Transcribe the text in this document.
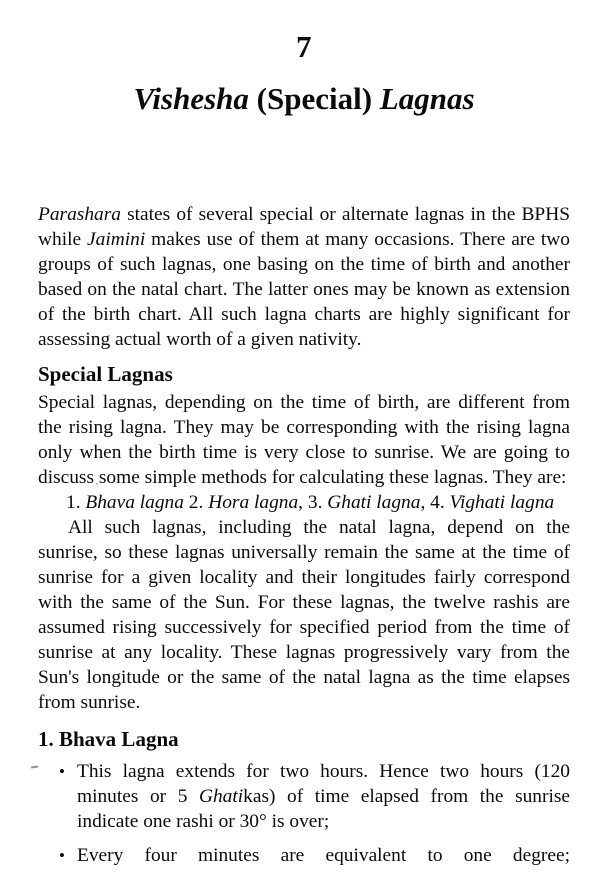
7
Vishesha (Special) Lagnas

Parashara states of several special or alternate lagnas in the BPHS while Jaimini makes use of them at many occasions. There are two groups of such lagnas, one basing on the time of birth and another based on the natal chart. The latter ones may be known as extension of the birth chart. All such lagna charts are highly significant for assessing actual worth of a given nativity.

Special Lagnas

Special lagnas, depending on the time of birth, are different from the rising lagna. They may be corresponding with the rising lagna only when the birth time is very close to sunrise. We are going to discuss some simple methods for calculating these lagnas. They are:

1. Bhava lagna 2. Hora lagna, 3. Ghati lagna, 4. Vighati lagna

All such lagnas, including the natal lagna, depend on the sunrise, so these lagnas universally remain the same at the time of sunrise for a given locality and their longitudes fairly correspond with the same of the Sun. For these lagnas, the twelve rashis are assumed rising successively for specified period from the time of sunrise at any locality. These lagnas progressively vary from the Sun's longitude or the same of the natal lagna as the time elapses from sunrise.

1. Bhava Lagna
• This lagna extends for two hours. Hence two hours (120 minutes or 5 Ghatikas) of time elapsed from the sunrise indicate one rashi or 30° is over;
• Every four minutes are equivalent to one degree;
